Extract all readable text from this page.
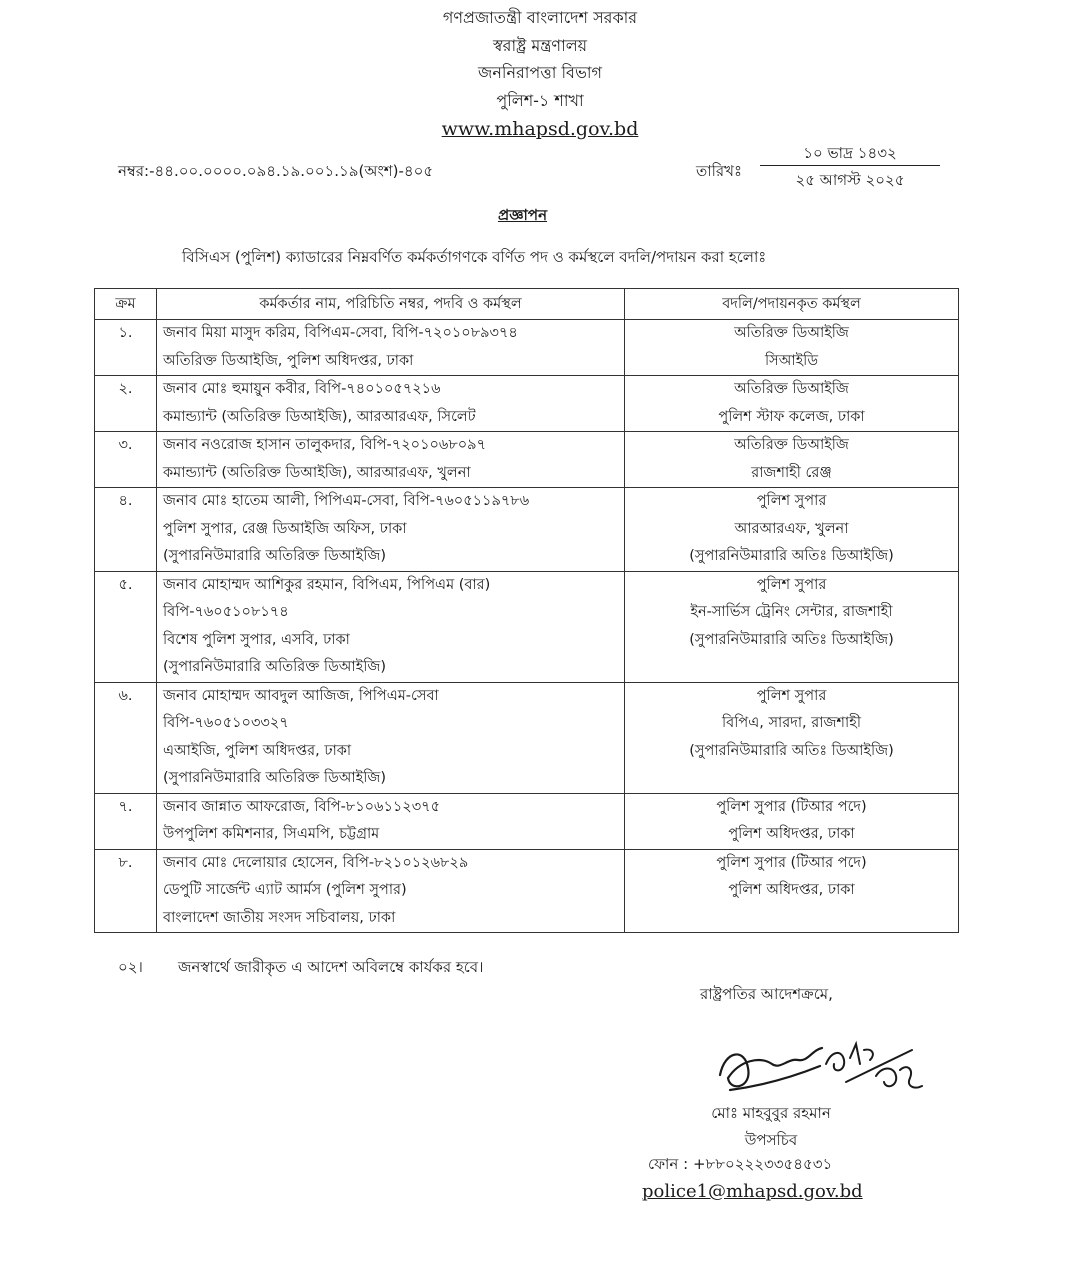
গণপ্রজাতন্ত্রী বাংলাদেশ সরকার
স্বরাষ্ট্র মন্ত্রণালয়
জননিরাপত্তা বিভাগ
পুলিশ-১ শাখা
www.mhapsd.gov.bd
নম্বর:-৪৪.০০.০০০০.০৯৪.১৯.০০১.১৯(অংশ)-৪০৫	তারিখঃ
১০ ভাদ্র ১৪৩২
২৫ আগস্ট ২০২৫
প্রজ্ঞাপন
বিসিএস (পুলিশ) ক্যাডারের নিম্নবর্ণিত কর্মকর্তাগণকে বর্ণিত পদ ও কর্মস্থলে বদলি/পদায়ন করা হলোঃ
ক্রম	কর্মকর্তার নাম, পরিচিতি নম্বর, পদবি ও কর্মস্থল	বদলি/পদায়নকৃত কর্মস্থল
১.	জনাব মিয়া মাসুদ করিম, বিপিএম-সেবা, বিপি-৭২০১০৮৯৩৭৪
অতিরিক্ত ডিআইজি, পুলিশ অধিদপ্তর, ঢাকা	অতিরিক্ত ডিআইজি
সিআইডি

২.	জনাব মোঃ হুমায়ুন কবীর, বিপি-৭৪০১০৫৭২১৬
কমান্ড্যান্ট (অতিরিক্ত ডিআইজি), আরআরএফ, সিলেট	অতিরিক্ত ডিআইজি
পুলিশ স্টাফ কলেজ, ঢাকা

৩.	জনাব নওরোজ হাসান তালুকদার, বিপি-৭২০১০৬৮০৯৭
কমান্ড্যান্ট (অতিরিক্ত ডিআইজি), আরআরএফ, খুলনা	অতিরিক্ত ডিআইজি
রাজশাহী রেঞ্জ

৪.	জনাব মোঃ হাতেম আলী, পিপিএম-সেবা, বিপি-৭৬০৫১১৯৭৮৬
পুলিশ সুপার, রেঞ্জ ডিআইজি অফিস, ঢাকা
(সুপারনিউমারারি অতিরিক্ত ডিআইজি)	পুলিশ সুপার
আরআরএফ, খুলনা
(সুপারনিউমারারি অতিঃ ডিআইজি)

৫.	জনাব মোহাম্মদ আশিকুর রহমান, বিপিএম, পিপিএম (বার)
বিপি-৭৬০৫১০৮১৭৪
বিশেষ পুলিশ সুপার, এসবি, ঢাকা
(সুপারনিউমারারি অতিরিক্ত ডিআইজি)	পুলিশ সুপার
ইন-সার্ভিস ট্রেনিং সেন্টার, রাজশাহী
(সুপারনিউমারারি অতিঃ ডিআইজি)

৬.	জনাব মোহাম্মদ আবদুল আজিজ, পিপিএম-সেবা
বিপি-৭৬০৫১০৩৩২৭
এআইজি, পুলিশ অধিদপ্তর, ঢাকা
(সুপারনিউমারারি অতিরিক্ত ডিআইজি)	পুলিশ সুপার
বিপিএ, সারদা, রাজশাহী
(সুপারনিউমারারি অতিঃ ডিআইজি)

৭.	জনাব জান্নাত আফরোজ, বিপি-৮১০৬১১২৩৭৫
উপপুলিশ কমিশনার, সিএমপি, চট্টগ্রাম	পুলিশ সুপার (টিআর পদে)
পুলিশ অধিদপ্তর, ঢাকা

৮.	জনাব মোঃ দেলোয়ার হোসেন, বিপি-৮২১০১২৬৮২৯
ডেপুটি সার্জেন্ট এ্যাট আর্মস (পুলিশ সুপার)
বাংলাদেশ জাতীয় সংসদ সচিবালয়, ঢাকা	পুলিশ সুপার (টিআর পদে)
পুলিশ অধিদপ্তর, ঢাকা
০২। জনস্বার্থে জারীকৃত এ আদেশ অবিলম্বে কার্যকর হবে।
রাষ্ট্রপতির আদেশক্রমে,
মোঃ মাহবুবুর রহমান
উপসচিব
ফোন : +৮৮০২২২৩৩৫৪৫৩১
police1@mhapsd.gov.bd
